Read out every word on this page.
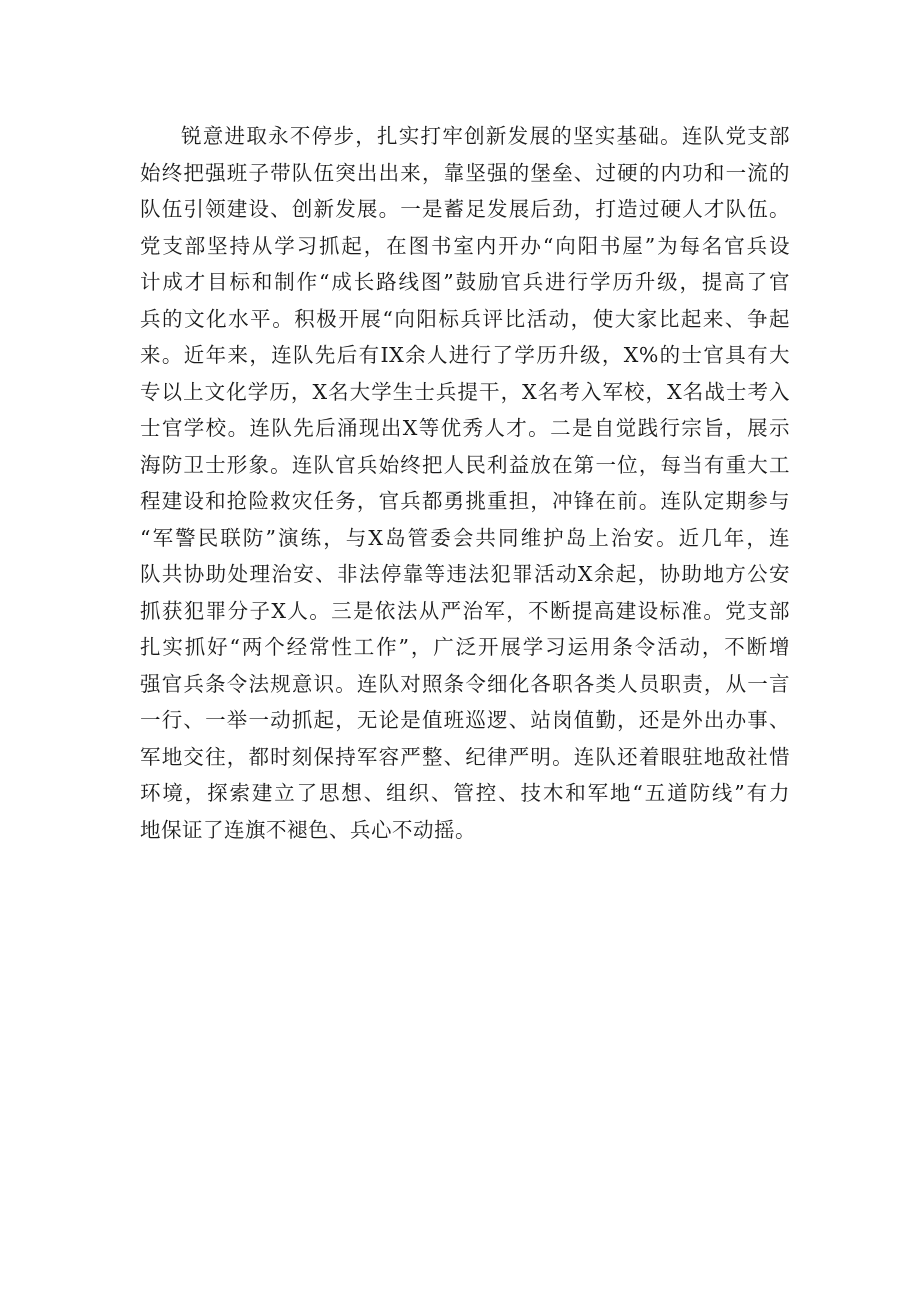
锐意进取永不停步，扎实打牢创新发展的坚实基础。连队党支部
始终把强班子带队伍突出出来，靠坚强的堡垒、过硬的内功和一流的
队伍引领建设、创新发展。一是蓄足发展后劲，打造过硬人才队伍。
党支部坚持从学习抓起，在图书室内开办“向阳书屋”为每名官兵设
计成才目标和制作“成长路线图”鼓励官兵进行学历升级，提高了官
兵的文化水平。积极开展“向阳标兵评比活动，使大家比起来、争起
来。近年来，连队先后有IX余人进行了学历升级，X%的士官具有大
专以上文化学历，X名大学生士兵提干，X名考入军校，X名战士考入
士官学校。连队先后涌现出X等优秀人才。二是自觉践行宗旨，展示
海防卫士形象。连队官兵始终把人民利益放在第一位，每当有重大工
程建设和抢险救灾任务，官兵都勇挑重担，冲锋在前。连队定期参与
“军警民联防”演练，与X岛管委会共同维护岛上治安。近几年，连
队共协助处理治安、非法停靠等违法犯罪活动X余起，协助地方公安
抓获犯罪分子X人。三是依法从严治军，不断提高建设标准。党支部
扎实抓好“两个经常性工作”，广泛开展学习运用条令活动，不断增
强官兵条令法规意识。连队对照条令细化各职各类人员职责，从一言
一行、一举一动抓起，无论是值班巡逻、站岗值勤，还是外出办事、
军地交往，都时刻保持军容严整、纪律严明。连队还着眼驻地敌社惜
环境，探索建立了思想、组织、管控、技木和军地“五道防线”有力
地保证了连旗不褪色、兵心不动摇。
